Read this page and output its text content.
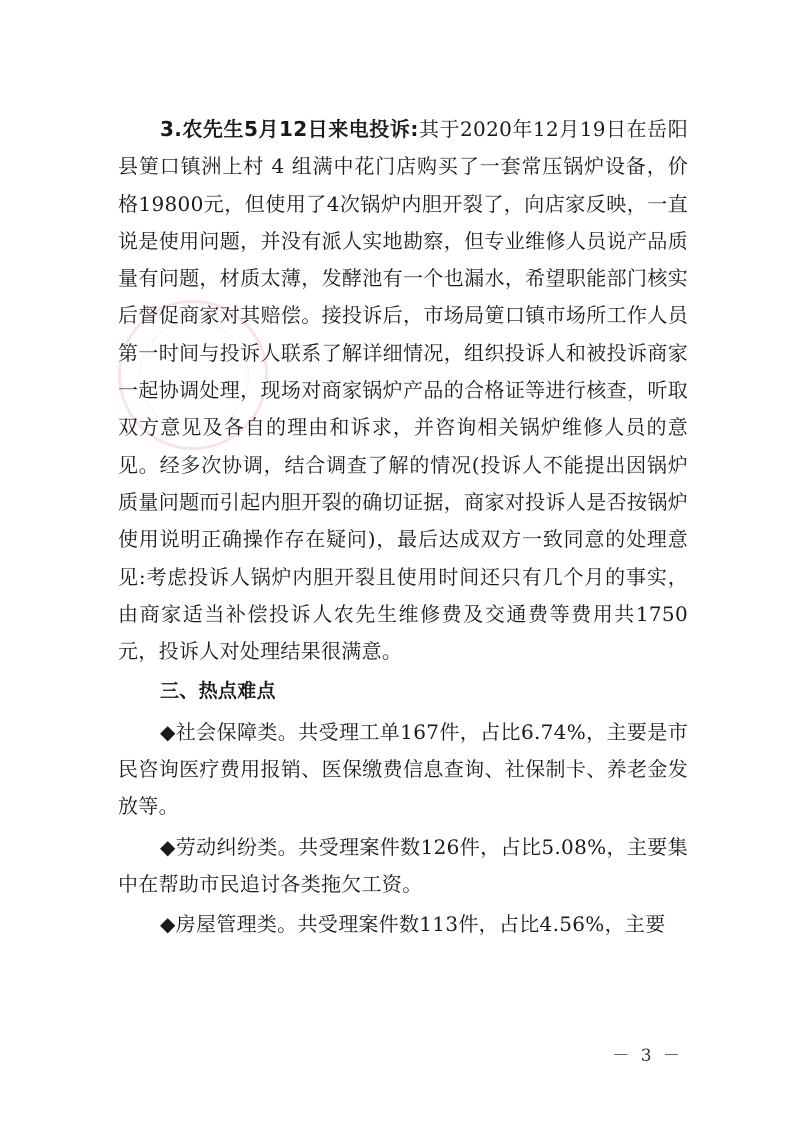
3.农先生5月12日来电投诉:其于2020年12月19日在岳阳县筻口镇洲上村 4 组满中花门店购买了一套常压锅炉设备，价格19800元，但使用了4次锅炉内胆开裂了，向店家反映，一直说是使用问题，并没有派人实地勘察，但专业维修人员说产品质量有问题，材质太薄，发酵池有一个也漏水，希望职能部门核实后督促商家对其赔偿。接投诉后，市场局筻口镇市场所工作人员第一时间与投诉人联系了解详细情况，组织投诉人和被投诉商家一起协调处理，现场对商家锅炉产品的合格证等进行核查，听取双方意见及各自的理由和诉求，并咨询相关锅炉维修人员的意见。经多次协调，结合调查了解的情况(投诉人不能提出因锅炉质量问题而引起内胆开裂的确切证据，商家对投诉人是否按锅炉使用说明正确操作存在疑问)，最后达成双方一致同意的处理意见:考虑投诉人锅炉内胆开裂且使用时间还只有几个月的事实，由商家适当补偿投诉人农先生维修费及交通费等费用共1750元，投诉人对处理结果很满意。

三、热点难点

◆社会保障类。共受理工单167件，占比6.74%，主要是市民咨询医疗费用报销、医保缴费信息查询、社保制卡、养老金发放等。

◆劳动纠纷类。共受理案件数126件，占比5.08%，主要集中在帮助市民追讨各类拖欠工资。

◆房屋管理类。共受理案件数113件，占比4.56%，主要

－ 3 －
